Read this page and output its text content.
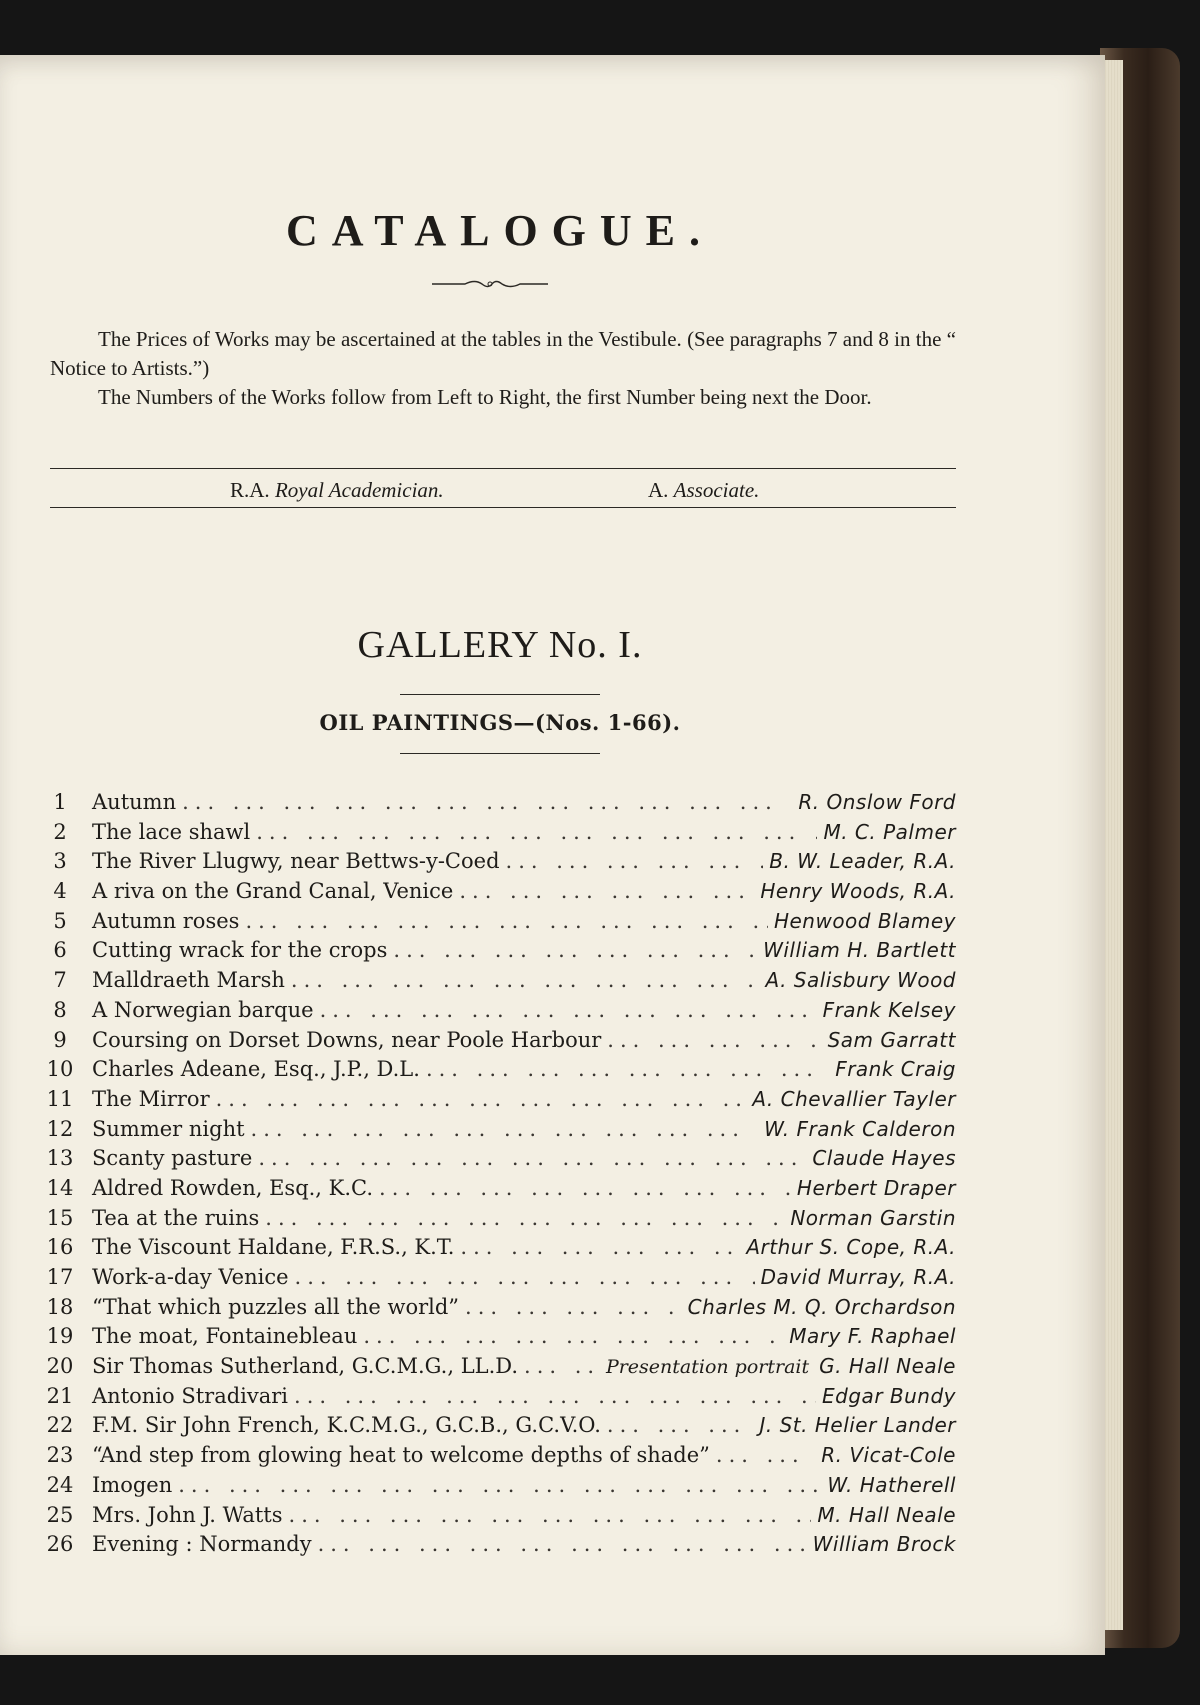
CATALOGUE.

The Prices of Works may be ascertained at the tables in the Vestibule. (See paragraphs 7 and 8 in the “ Notice to Artists.”)

The Numbers of the Works follow from Left to Right, the first Number being next the Door.

R.A. Royal Academician.	A. Associate.
GALLERY No. I.
OIL PAINTINGS—(Nos. 1-66).
1	Autumn ... .	R. Onslow Ford
2	The lace shawl ... .	M. C. Palmer
3	The River Llugwy, near Bettws-y-Coed ... .	B. W. Leader, R.A.
4	A riva on the Grand Canal, Venice ... .	Henry Woods, R.A.
5	Autumn roses ... .	Henwood Blamey
6	Cutting wrack for the crops ... .	William H. Bartlett
7	Malldraeth Marsh ... .	A. Salisbury Wood
8	A Norwegian barque ... .	Frank Kelsey
9	Coursing on Dorset Downs, near Poole Harbour ... .	Sam Garratt
10 Charles Adeane, Esq., J.P., D.L. ... .	Frank Craig
11 The Mirror ... .	A. Chevallier Tayler
12 Summer night ... .	W. Frank Calderon
13 Scanty pasture ... .	Claude Hayes
14 Aldred Rowden, Esq., K.C. ... .	Herbert Draper
15 Tea at the ruins ... .	Norman Garstin
16 The Viscount Haldane, F.R.S., K.T. ... .	Arthur S. Cope, R.A.
17 Work-a-day Venice ... .	David Murray, R.A.
18 “That which puzzles all the world” ... .	Charles M. Q. Orchardson
19 The moat, Fontainebleau ... .	Mary F. Raphael
20 Sir Thomas Sutherland, G.C.M.G., LL.D. ... .	Presentation portrait G. Hall Neale
21 Antonio Stradivari ... .	Edgar Bundy
22 F.M. Sir John French, K.C.M.G., G.C.B., G.C.V.O. ... .	J. St. Helier Lander
23 “And step from glowing heat to welcome depths of shade” ... .	R. Vicat-Cole
24 Imogen ... .	W. Hatherell
25 Mrs. John J. Watts ... .	M. Hall Neale
26 Evening : Normandy ... .	William Brock
